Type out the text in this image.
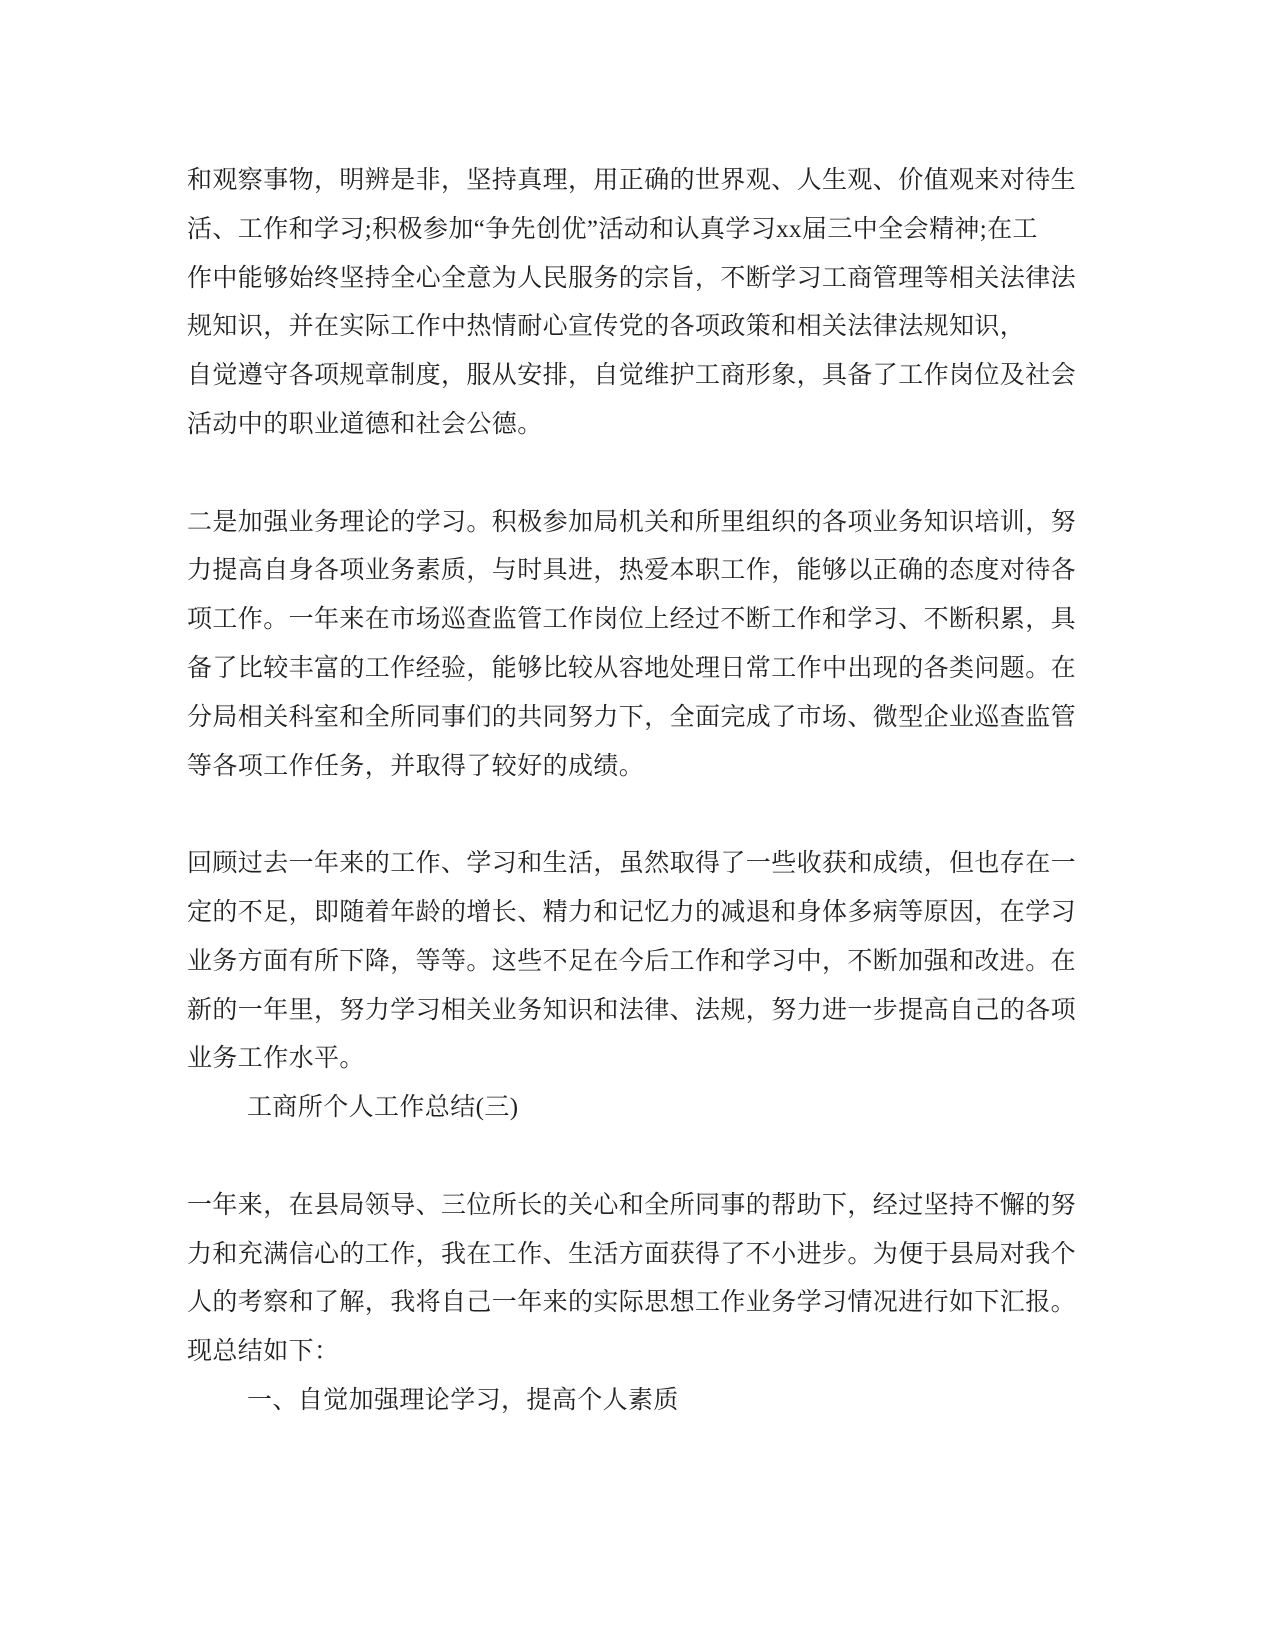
和观察事物，明辨是非，坚持真理，用正确的世界观、人生观、价值观来对待生
活、工作和学习;积极参加“争先创优”活动和认真学习xx届三中全会精神;在工
作中能够始终坚持全心全意为人民服务的宗旨，不断学习工商管理等相关法律法
规知识，并在实际工作中热情耐心宣传党的各项政策和相关法律法规知识，
自觉遵守各项规章制度，服从安排，自觉维护工商形象，具备了工作岗位及社会
活动中的职业道德和社会公德。
二是加强业务理论的学习。积极参加局机关和所里组织的各项业务知识培训，努
力提高自身各项业务素质，与时具进，热爱本职工作，能够以正确的态度对待各
项工作。一年来在市场巡查监管工作岗位上经过不断工作和学习、不断积累，具
备了比较丰富的工作经验，能够比较从容地处理日常工作中出现的各类问题。在
分局相关科室和全所同事们的共同努力下，全面完成了市场、微型企业巡查监管
等各项工作任务，并取得了较好的成绩。
回顾过去一年来的工作、学习和生活，虽然取得了一些收获和成绩，但也存在一
定的不足，即随着年龄的增长、精力和记忆力的减退和身体多病等原因，在学习
业务方面有所下降，等等。这些不足在今后工作和学习中，不断加强和改进。在
新的一年里，努力学习相关业务知识和法律、法规，努力进一步提高自己的各项
业务工作水平。
工商所个人工作总结(三)
一年来，在县局领导、三位所长的关心和全所同事的帮助下，经过坚持不懈的努
力和充满信心的工作，我在工作、生活方面获得了不小进步。为便于县局对我个
人的考察和了解，我将自己一年来的实际思想工作业务学习情况进行如下汇报。
现总结如下：
一、自觉加强理论学习，提高个人素质
